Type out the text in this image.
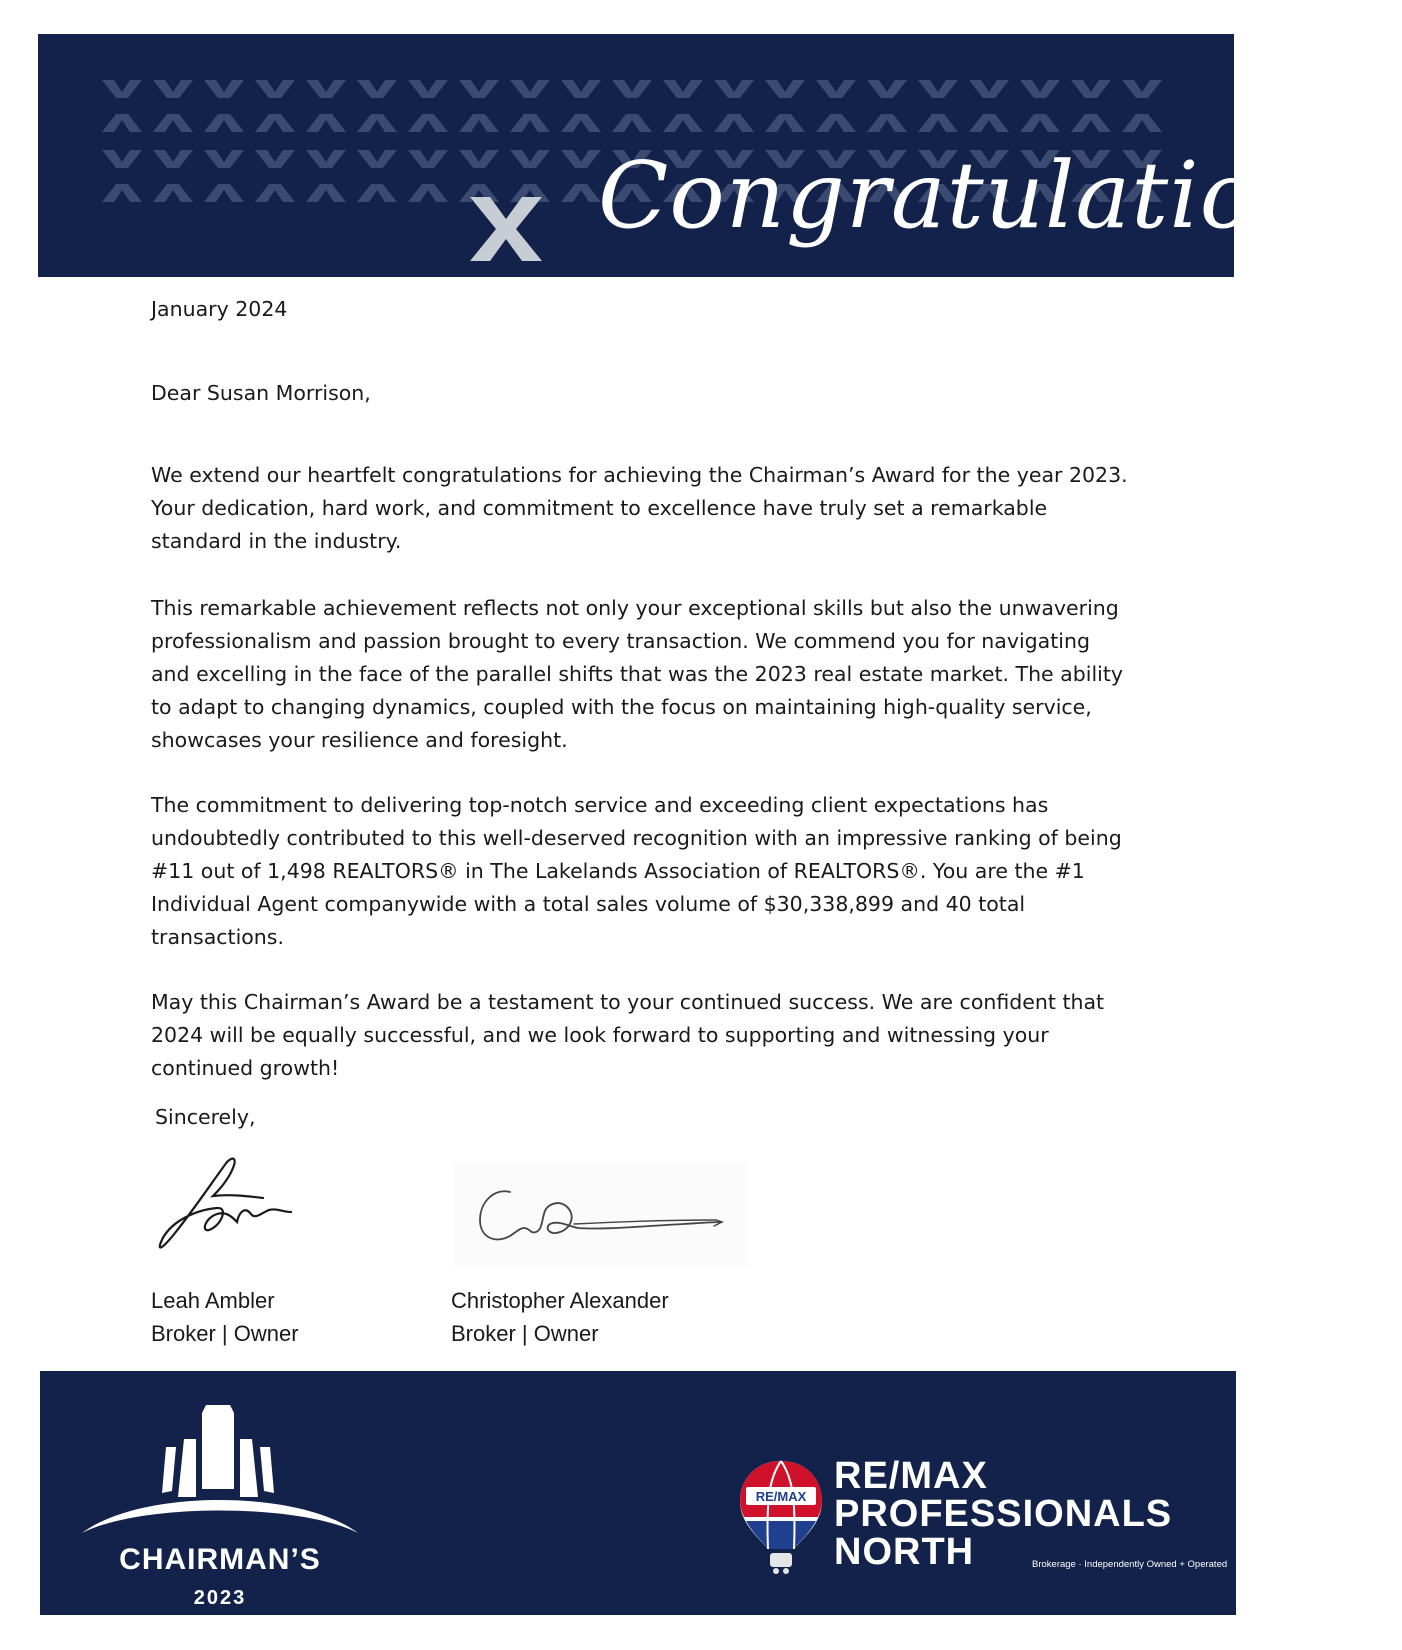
Congratulations!
January 2024
Dear Susan Morrison,

We extend our heartfelt congratulations for achieving the Chairman’s Award for the year 2023. Your dedication, hard work, and commitment to excellence have truly set a remarkable standard in the industry.

This remarkable achievement reflects not only your exceptional skills but also the unwavering professionalism and passion brought to every transaction. We commend you for navigating and excelling in the face of the parallel shifts that was the 2023 real estate market. The ability to adapt to changing dynamics, coupled with the focus on maintaining high-quality service, showcases your resilience and foresight.

The commitment to delivering top-notch service and exceeding client expectations has undoubtedly contributed to this well-deserved recognition with an impressive ranking of being #11 out of 1,498 REALTORS® in The Lakelands Association of REALTORS®. You are the #1 Individual Agent companywide with a total sales volume of $30,338,899 and 40 total transactions.

May this Chairman’s Award be a testament to your continued success. We are confident that 2024 will be equally successful, and we look forward to supporting and witnessing your continued growth!

Sincerely,
Leah Ambler
Broker | Owner
Christopher Alexander
Broker | Owner
CHAIRMAN’S
2023
RE/MAX RE/MAX
PROFESSIONALS
NORTH	Brokerage · Independently Owned + Operated
